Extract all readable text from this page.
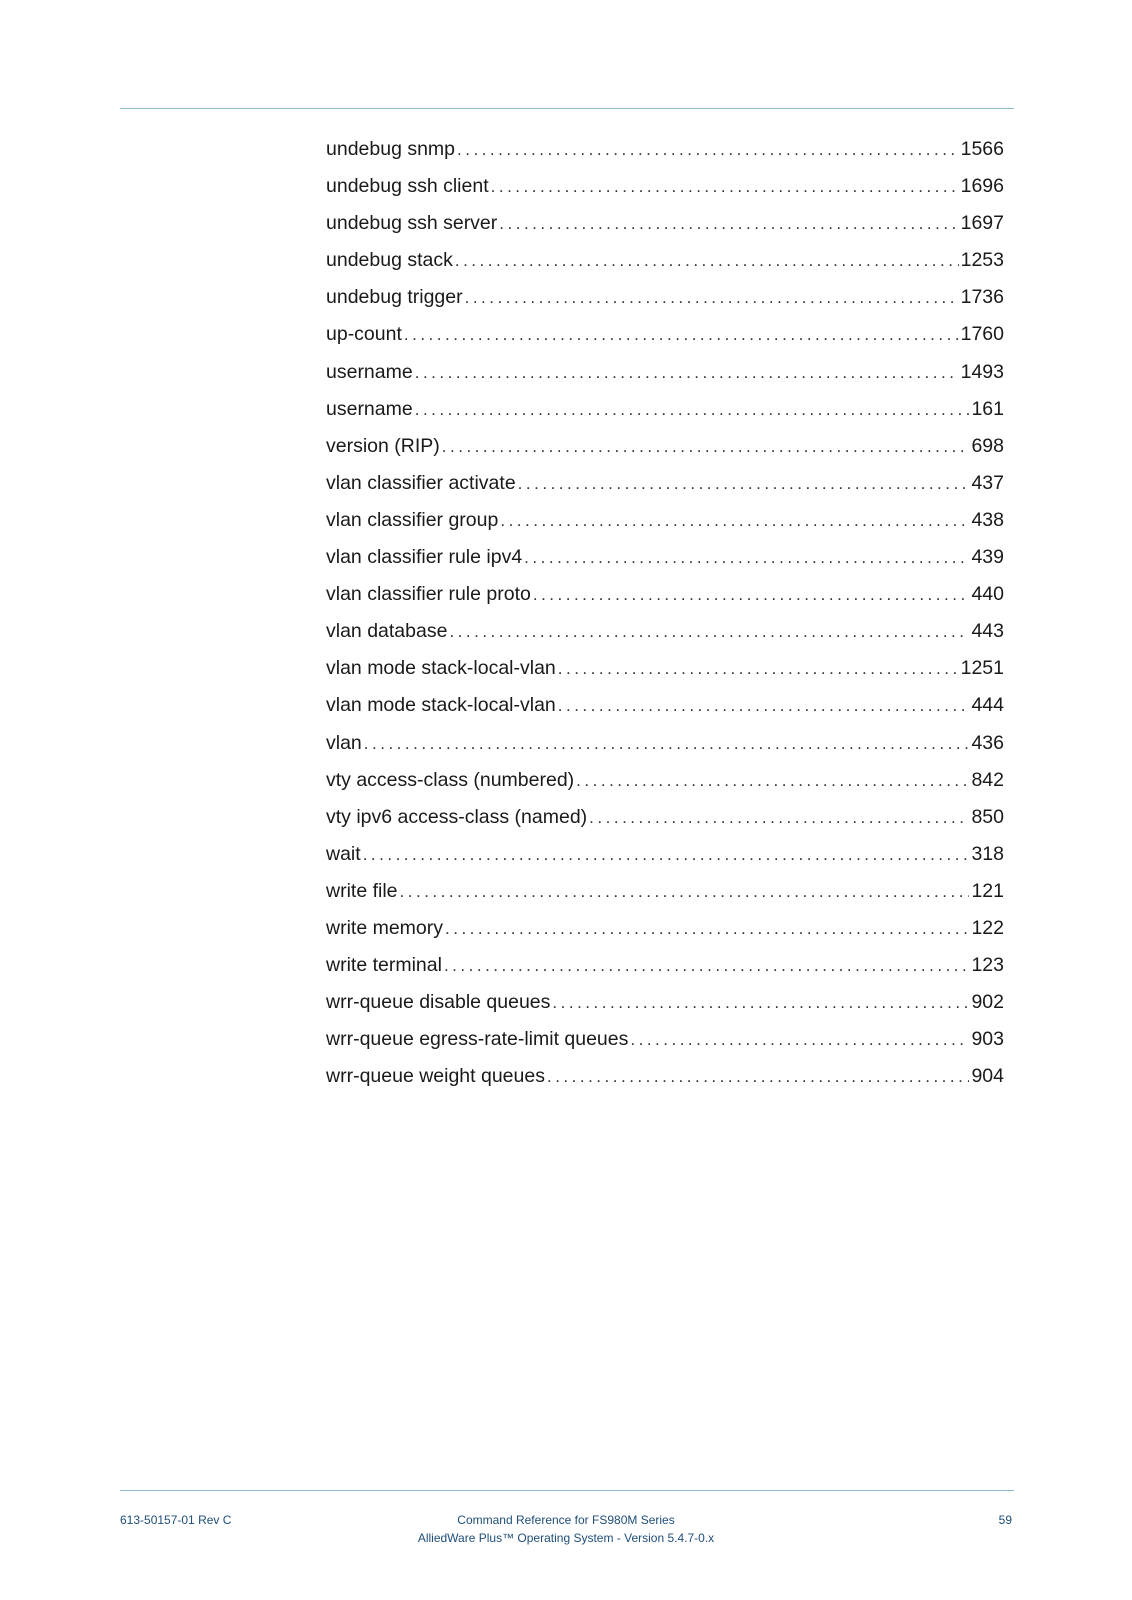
undebug snmp .....	1566
undebug ssh client .....	1696
undebug ssh server .....	1697
undebug stack .....	1253
undebug trigger .....	1736
up-count .....	1760
username .....	1493
username .....	161
version (RIP) .....	698
vlan classifier activate .....	437
vlan classifier group .....	438
vlan classifier rule ipv4 .....	439
vlan classifier rule proto .....	440
vlan database .....	443
vlan mode stack-local-vlan .....	1251
vlan mode stack-local-vlan .....	444
vlan .....	436
vty access-class (numbered) .....	842
vty ipv6 access-class (named) .....	850
wait .....	318
write file .....	121
write memory .....	122
write terminal .....	123
wrr-queue disable queues .....	902
wrr-queue egress-rate-limit queues .....	903
wrr-queue weight queues .....	904
613-50157-01 Rev C	Command Reference for FS980M Series
AlliedWare Plus™ Operating System - Version 5.4.7-0.x
59
